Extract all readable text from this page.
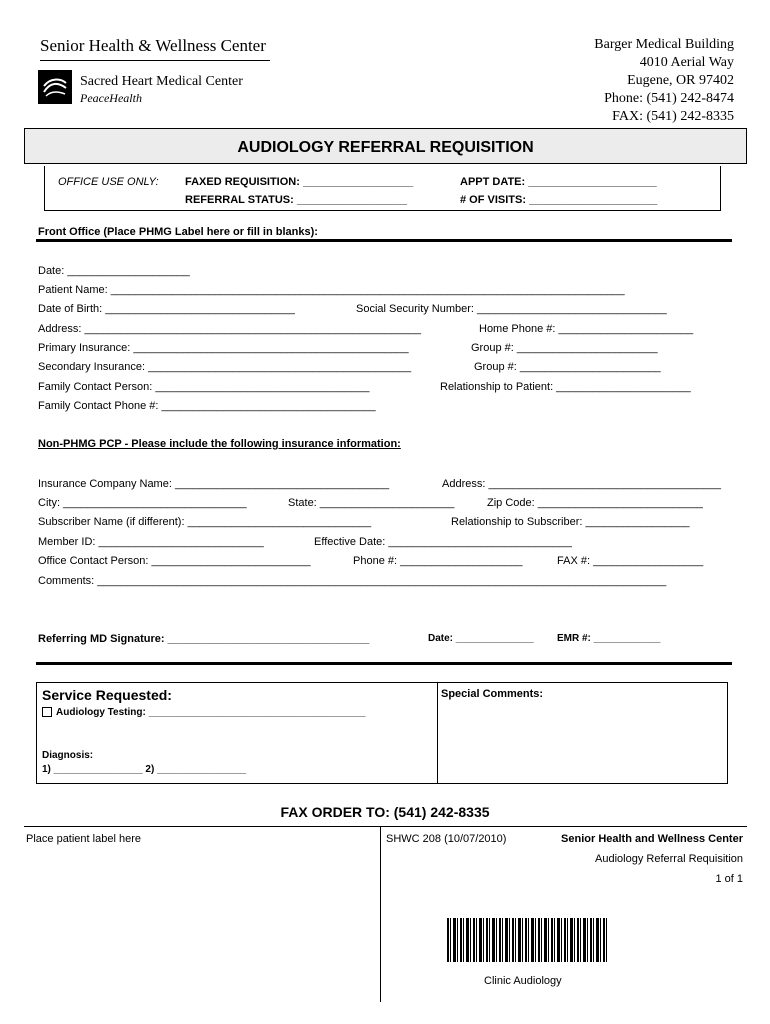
Senior Health & Wellness Center
Sacred Heart Medical Center
PeaceHealth
Barger Medical Building
4010 Aerial Way
Eugene, OR 97402
Phone: (541) 242-8474
FAX: (541) 242-8335
AUDIOLOGY REFERRAL REQUISITION
OFFICE USE ONLY: FAXED REQUISITION: __________________	APPT DATE: _____________________
REFERRAL STATUS: __________________	# OF VISITS: _____________________
Front Office (Place PHMG Label here or fill in blanks):
Date: ____________________
Patient Name: ____________________________________________________________________________________
Date of Birth: _______________________________	Social Security Number: _______________________________
Address: _______________________________________________________	Home Phone #: ______________________
Primary Insurance: _____________________________________________	Group #: _______________________
Secondary Insurance: ___________________________________________	Group #: _______________________
Family Contact Person: ___________________________________	Relationship to Patient: ______________________
Family Contact Phone #: ___________________________________
Non-PHMG PCP - Please include the following insurance information:
Insurance Company Name: ___________________________________	Address: ______________________________________
City: ______________________________	State: ______________________	Zip Code: ___________________________
Subscriber Name (if different): ______________________________	Relationship to Subscriber: _________________
Member ID: ___________________________	Effective Date: ______________________________
Office Contact Person: __________________________	Phone #: ____________________	FAX #: __________________
Comments: _____________________________________________________________________________________________
Referring MD Signature: _________________________________	Date: ______________ EMR #: ____________
Service Requested:
Audiology Testing: _______________________________________
Diagnosis:
1) ________________ 2) ________________
Special Comments:
FAX ORDER TO: (541) 242-8335
Place patient label here	SHWC 208 (10/07/2010)	Senior Health and Wellness Center
Audiology Referral Requisition
1 of 1
Clinic Audiology
